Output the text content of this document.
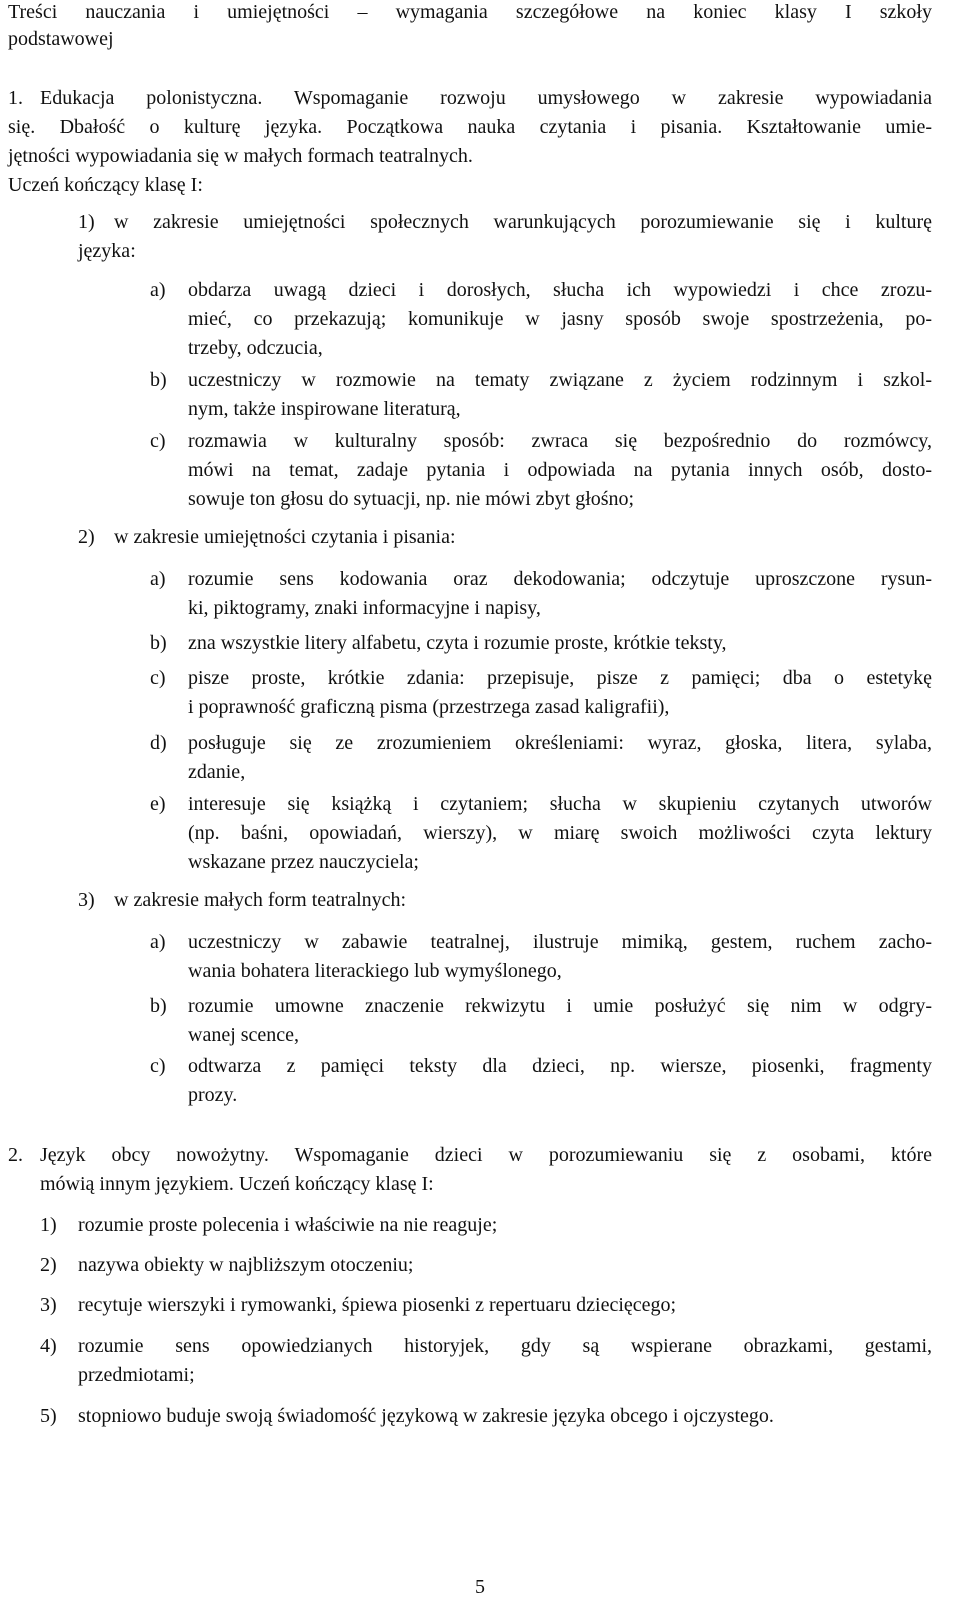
Treści nauczania i umiejętności – wymagania szczegółowe na koniec klasy I szkoły
podstawowej
1. Edukacja polonistyczna. Wspomaganie rozwoju umysłowego w zakresie wypowiadania
się. Dbałość o kulturę języka. Początkowa nauka czytania i pisania. Kształtowanie umie-
jętności wypowiadania się w małych formach teatralnych.
Uczeń kończący klasę I:
1) w zakresie umiejętności społecznych warunkujących porozumiewanie się i kulturę
języka:
a) obdarza uwagą dzieci i dorosłych, słucha ich wypowiedzi i chce zrozu-
mieć, co przekazują; komunikuje w jasny sposób swoje spostrzeżenia, po-
trzeby, odczucia,
b) uczestniczy w rozmowie na tematy związane z życiem rodzinnym i szkol-
nym, także inspirowane literaturą,
c) rozmawia w kulturalny sposób: zwraca się bezpośrednio do rozmówcy,
mówi na temat, zadaje pytania i odpowiada na pytania innych osób, dosto-
sowuje ton głosu do sytuacji, np. nie mówi zbyt głośno;
2) w zakresie umiejętności czytania i pisania:
a) rozumie sens kodowania oraz dekodowania; odczytuje uproszczone rysun-
ki, piktogramy, znaki informacyjne i napisy,
b) zna wszystkie litery alfabetu, czyta i rozumie proste, krótkie teksty,
c) pisze proste, krótkie zdania: przepisuje, pisze z pamięci; dba o estetykę
i poprawność graficzną pisma (przestrzega zasad kaligrafii),
d) posługuje się ze zrozumieniem określeniami: wyraz, głoska, litera, sylaba,
zdanie,
e) interesuje się książką i czytaniem; słucha w skupieniu czytanych utworów
(np. baśni, opowiadań, wierszy), w miarę swoich możliwości czyta lektury
wskazane przez nauczyciela;
3) w zakresie małych form teatralnych:
a) uczestniczy w zabawie teatralnej, ilustruje mimiką, gestem, ruchem zacho-
wania bohatera literackiego lub wymyślonego,
b) rozumie umowne znaczenie rekwizytu i umie posłużyć się nim w odgry-
wanej scence,
c) odtwarza z pamięci teksty dla dzieci, np. wiersze, piosenki, fragmenty
prozy.
2. Język obcy nowożytny. Wspomaganie dzieci w porozumiewaniu się z osobami, które
mówią innym językiem. Uczeń kończący klasę I:
1) rozumie proste polecenia i właściwie na nie reaguje;
2) nazywa obiekty w najbliższym otoczeniu;
3) recytuje wierszyki i rymowanki, śpiewa piosenki z repertuaru dziecięcego;
4) rozumie sens opowiedzianych historyjek, gdy są wspierane obrazkami, gestami,
przedmiotami;
5) stopniowo buduje swoją świadomość językową w zakresie języka obcego i ojczystego.
5
